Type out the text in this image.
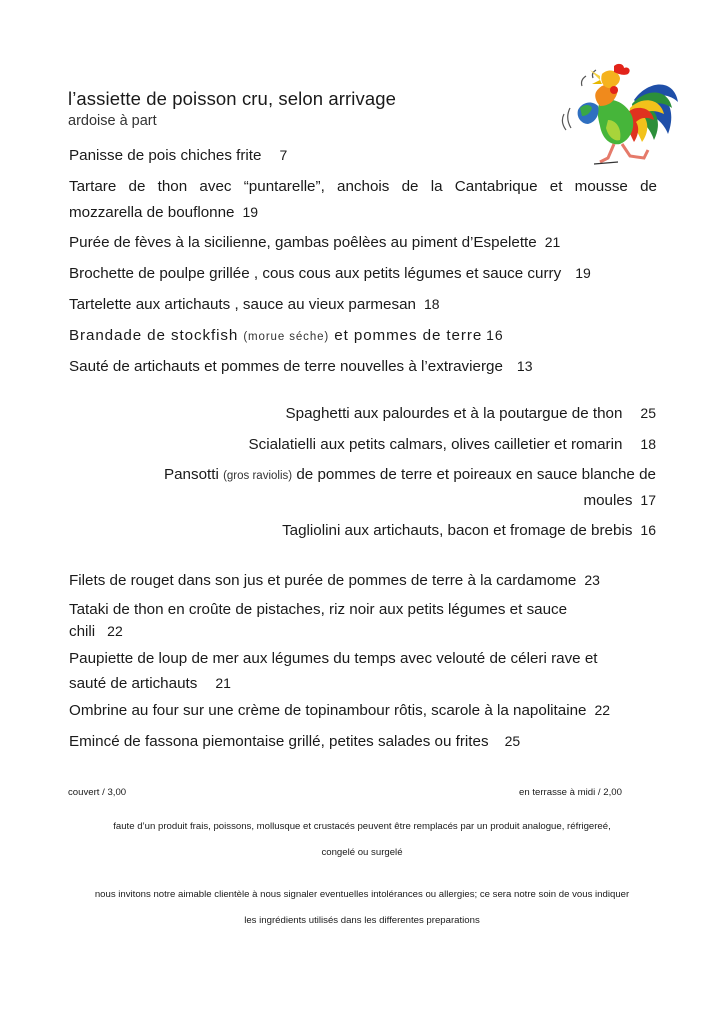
l’assiette de poisson cru, selon arrivage
ardoise à part
Panisse de pois chiches frite 7
Tartare de thon avec “puntarelle”, anchois de la Cantabrique et mousse de
mozzarella de bouflonne 19
Purée de fèves à la sicilienne, gambas poêlèes au piment d’Espelette 21
Brochette de poulpe grillée , cous cous aux petits légumes et sauce curry 19
Tartelette aux artichauts , sauce au vieux parmesan 18
Brandade de stockfish (morue séche) et pommes de terre 16
Sauté de artichauts et pommes de terre nouvelles à l’extravierge 13
Spaghetti aux palourdes et à la poutargue de thon 25
Scialatielli aux petits calmars, olives cailletier et romarin 18
Pansotti (gros raviolis) de pommes de terre et poireaux en sauce blanche de
moules 17
Tagliolini aux artichauts, bacon et fromage de brebis 16
Filets de rouget dans son jus et purée de pommes de terre à la cardamome 23
Tataki de thon en croûte de pistaches, riz noir aux petits légumes et sauce
chili 22
Paupiette de loup de mer aux légumes du temps avec velouté de céleri rave et
sauté de artichauts 21
Ombrine au four sur une crème de topinambour rôtis, scarole à la napolitaine 22
Emincé de fassona piemontaise grillé, petites salades ou frites 25
couvert / 3,00	en terrasse à midi / 2,00
faute d’un produit frais, poissons, mollusque et crustacés peuvent être remplacés par un produit analogue, réfrigereé,
congelé ou surgelé
nous invitons notre aimable clientèle à nous signaler eventuelles intolérances ou allergies; ce sera notre soin de vous indiquer
les ingrédients utilisés dans les differentes preparations
